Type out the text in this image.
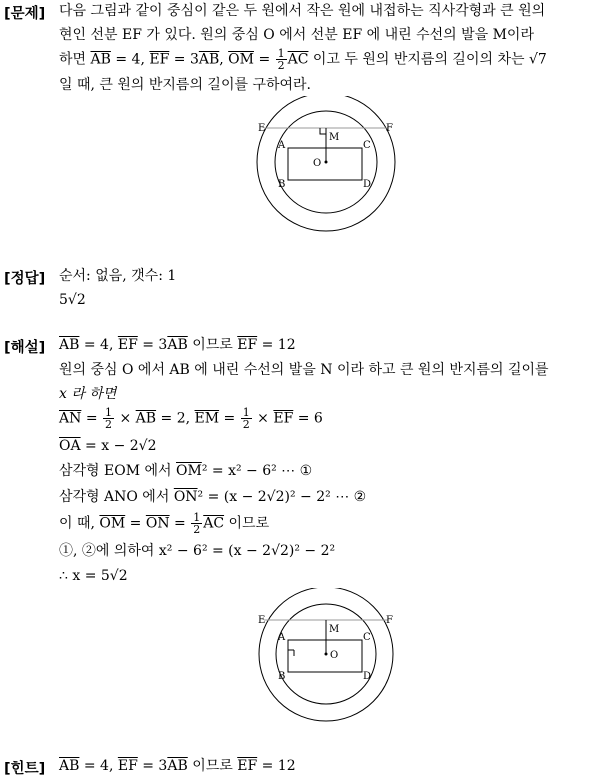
[문제] 다음 그림과 같이 중심이 같은 두 원에서 작은 원에 내접하는 직사각형과 큰 원의
현인 선분 EF 가 있다. 원의 중심 O 에서 선분 EF 에 내린 수선의 발을 M이라
하면 $\overline{AB} = 4$, $\overline{EF} = 3\overline{AB}$, $\overline{OM} = \frac{1}{2} \overline{AC}$ 이고 두 원의 반지름의 길이의 차는 √7
일 때, 큰 원의 반지름의 길이를 구하여라.
E	F
M
A	C
O
B	D
[정답] 순서: 없음, 갯수: 1
5√2
[해설] $\overline{AB} = 4$, $\overline{EF} = 3\overline{AB}$ 이므로 $\overline{EF} = 12$
원의 중심 O 에서 AB 에 내린 수선의 발을 N 이라 하고 큰 원의 반지름의 길이를
x 라 하면
$\overline{AN} = \frac{1}{2} \times \overline{AB} = 2$, $\overline{EM} = \frac{1}{2} \times \overline{EF} = 6$
$\overline{OA} = x - 2√2$
삼각형 EOM 에서 $\overline{OM}^2 = x^2 - 6^2$ ⋯ ①
삼각형 ANO 에서 $\overline{ON}^2 = (x - 2√2)^2 - 2^2$ ⋯ ②
이 때, $\overline{OM} = \overline{ON} = \frac{1}{2} \overline{AC}$ 이므로
①, ②에 의하여 x² − 6² = (x − 2√2)² − 2²
∴ x = 5√2
E	F
M
A	C
O
B	D
[힌트] $\overline{AB} = 4$, $\overline{EF} = 3\overline{AB}$ 이므로 $\overline{EF} = 12$
